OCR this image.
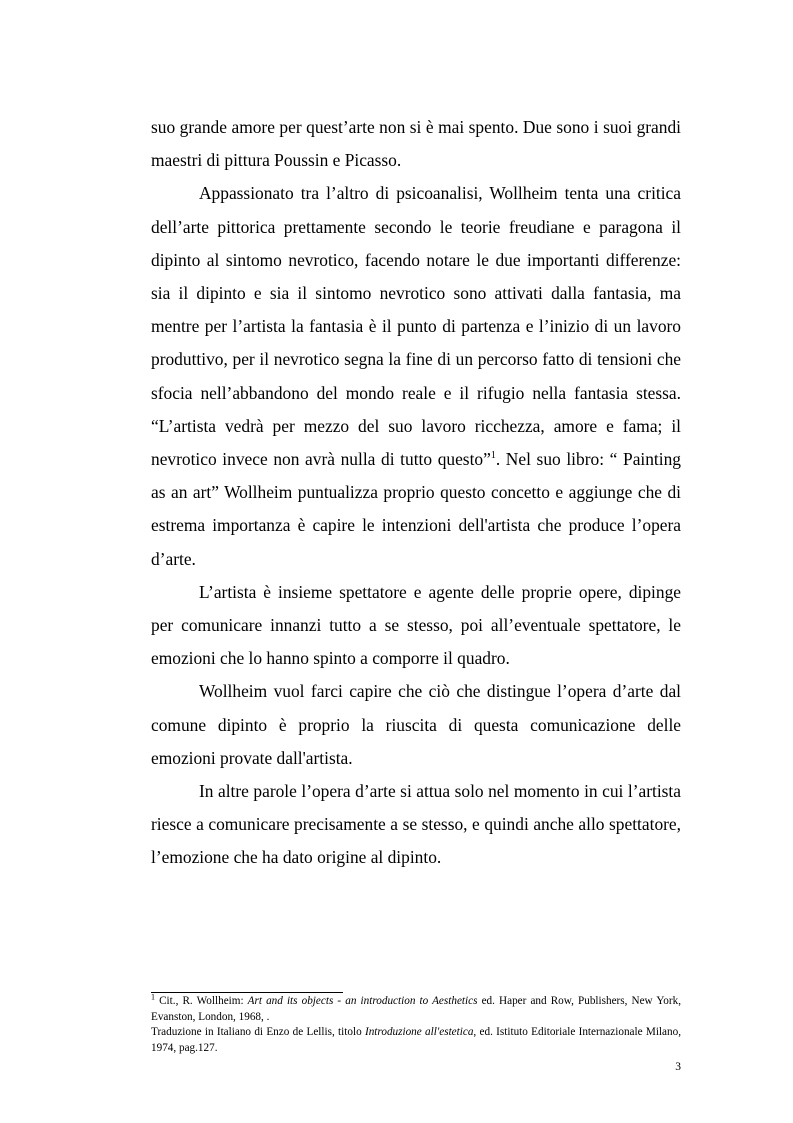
suo grande amore per quest’arte non si è mai spento. Due sono i suoi grandi maestri di pittura Poussin e Picasso.

Appassionato tra l’altro di psicoanalisi, Wollheim tenta una critica dell’arte pittorica prettamente secondo le teorie freudiane e paragona il dipinto al sintomo nevrotico, facendo notare le due importanti differenze: sia il dipinto e sia il sintomo nevrotico sono attivati dalla fantasia, ma mentre per l’artista la fantasia è il punto di partenza e l’inizio di un lavoro produttivo, per il nevrotico segna la fine di un percorso fatto di tensioni che sfocia nell’abbandono del mondo reale e il rifugio nella fantasia stessa. “L’artista vedrà per mezzo del suo lavoro ricchezza, amore e fama; il nevrotico invece non avrà nulla di tutto questo”$^1$. Nel suo libro: “ Painting as an art” Wollheim puntualizza proprio questo concetto e aggiunge che di estrema importanza è capire le intenzioni dell'artista che produce l’opera d’arte.

L’artista è insieme spettatore e agente delle proprie opere, dipinge per comunicare innanzi tutto a se stesso, poi all’eventuale spettatore, le emozioni che lo hanno spinto a comporre il quadro.

Wollheim vuol farci capire che ciò che distingue l’opera d’arte dal comune dipinto è proprio la riuscita di questa comunicazione delle emozioni provate dall'artista.

In altre parole l’opera d’arte si attua solo nel momento in cui l’artista riesce a comunicare precisamente a se stesso, e quindi anche allo spettatore, l’emozione che ha dato origine al dipinto.

$^1$ Cit., R. Wollheim: Art and its objects - an introduction to Aesthetics ed. Haper and Row, Publishers, New York, Evanston, London, 1968, .

Traduzione in Italiano di Enzo de Lellis, titolo Introduzione all'estetica, ed. Istituto Editoriale Internazionale Milano, 1974, pag.127.

3
